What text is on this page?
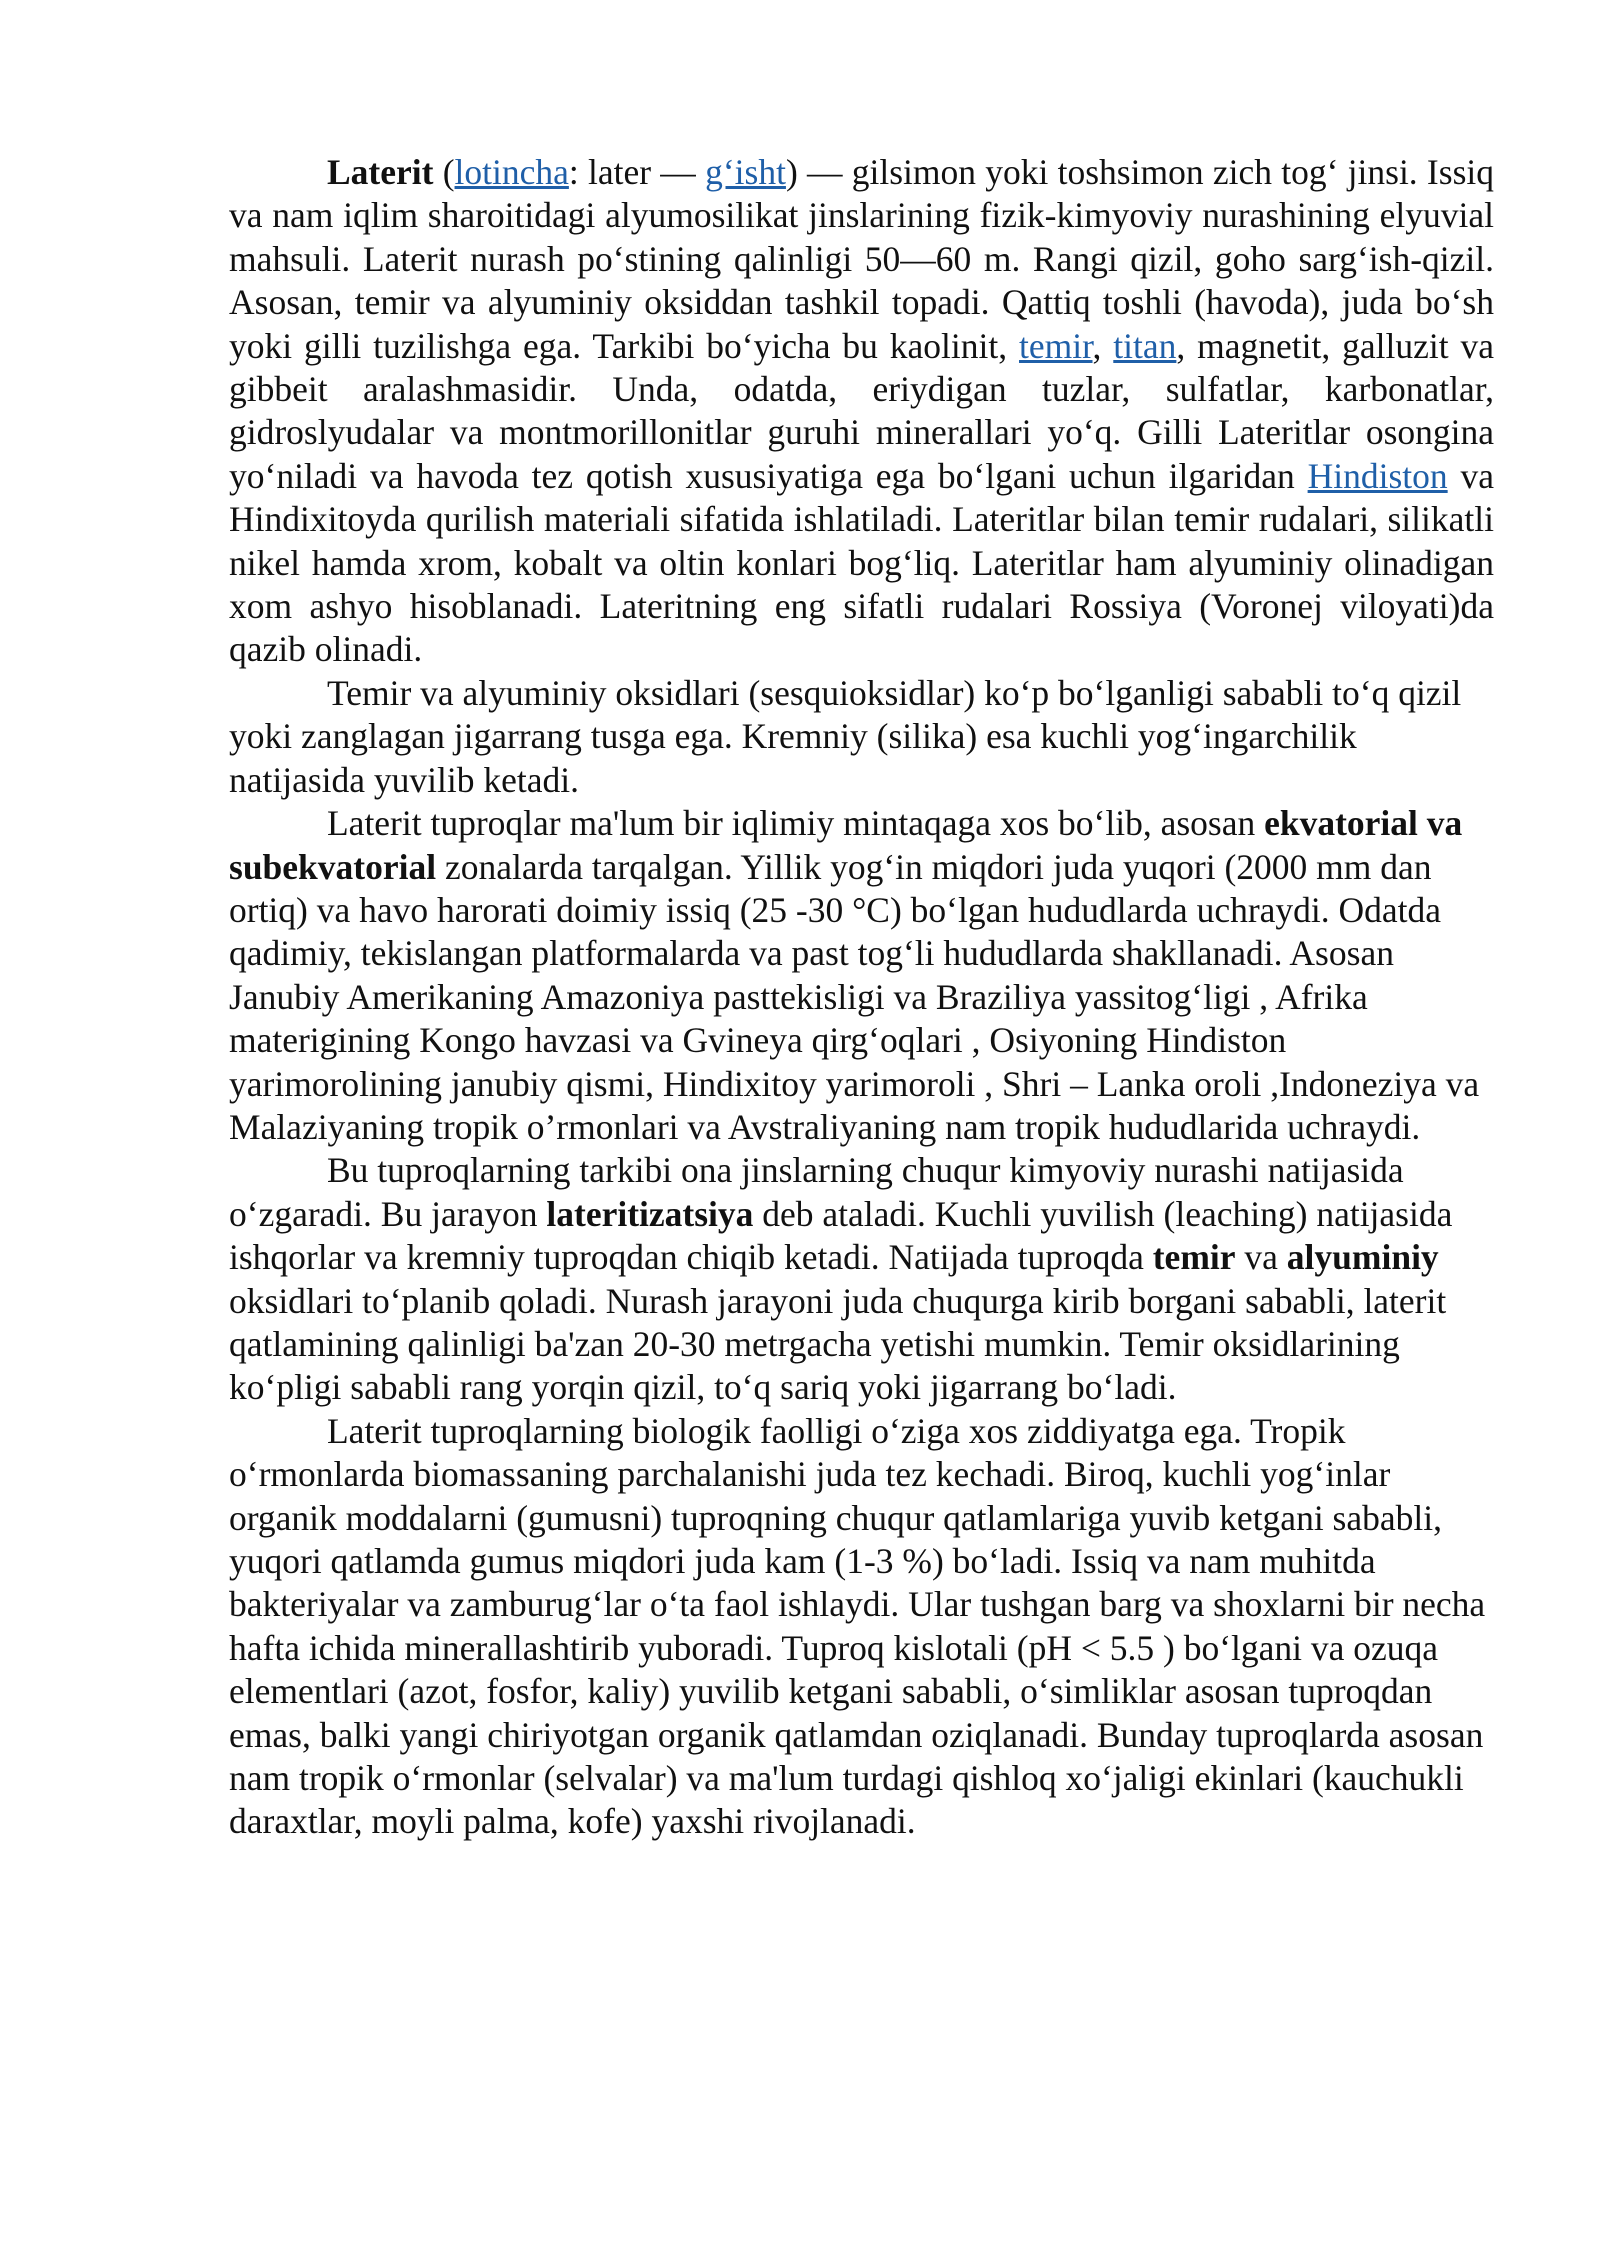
Laterit (lotincha: later — g‘isht) — gilsimon yoki toshsimon zich tog‘ jinsi. Issiq va nam iqlim sharoitidagi alyumosilikat jinslarining fizik-kimyoviy nurashining elyuvial mahsuli. Laterit nurash po‘stining qalinligi 50—60 m. Rangi qizil, goho sarg‘ish-qizil. Asosan, temir va alyuminiy oksiddan tashkil topadi. Qattiq toshli (havoda), juda bo‘sh yoki gilli tuzilishga ega. Tarkibi bo‘yicha bu kaolinit, temir, titan, magnetit, galluzit va gibbeit aralashmasidir. Unda, odatda, eriydigan tuzlar, sulfatlar, karbonatlar, gidroslyudalar va montmorillonitlar guruhi minerallari yo‘q. Gilli Lateritlar osongina yo‘niladi va havoda tez qotish xususiyatiga ega bo‘lgani uchun ilgaridan Hindiston va Hindixitoyda qurilish materiali sifatida ishlatiladi. Lateritlar bilan temir rudalari, silikatli nikel hamda xrom, kobalt va oltin konlari bog‘liq. Lateritlar ham alyuminiy olinadigan xom ashyo hisoblanadi. Lateritning eng sifatli rudalari Rossiya (Voronej viloyati)da qazib olinadi.

Temir va alyuminiy oksidlari (sesquioksidlar) ko‘p bo‘lganligi sababli to‘q qizil yoki zanglagan jigarrang tusga ega. Kremniy (silika) esa kuchli yog‘ingarchilik natijasida yuvilib ketadi.

Laterit tuproqlar ma'lum bir iqlimiy mintaqaga xos bo‘lib, asosan ekvatorial va subekvatorial zonalarda tarqalgan. Yillik yog‘in miqdori juda yuqori (2000 mm dan ortiq) va havo harorati doimiy issiq (25 -30 °C) bo‘lgan hududlarda uchraydi. Odatda qadimiy, tekislangan platformalarda va past tog‘li hududlarda shakllanadi. Asosan Janubiy Amerikaning Amazoniya pasttekisligi va Braziliya yassitog‘ligi , Afrika materigining Kongo havzasi va Gvineya qirg‘oqlari , Osiyoning Hindiston yarimorolining janubiy qismi, Hindixitoy yarimoroli , Shri – Lanka oroli ,Indoneziya va Malaziyaning tropik o’rmonlari va Avstraliyaning nam tropik hududlarida uchraydi.

Bu tuproqlarning tarkibi ona jinslarning chuqur kimyoviy nurashi natijasida o‘zgaradi. Bu jarayon lateritizatsiya deb ataladi. Kuchli yuvilish (leaching) natijasida ishqorlar va kremniy tuproqdan chiqib ketadi. Natijada tuproqda temir va alyuminiy oksidlari to‘planib qoladi. Nurash jarayoni juda chuqurga kirib borgani sababli, laterit qatlamining qalinligi ba'zan 20-30 metrgacha yetishi mumkin. Temir oksidlarining ko‘pligi sababli rang yorqin qizil, to‘q sariq yoki jigarrang bo‘ladi.

Laterit tuproqlarning biologik faolligi o‘ziga xos ziddiyatga ega. Tropik o‘rmonlarda biomassaning parchalanishi juda tez kechadi. Biroq, kuchli yog‘inlar organik moddalarni (gumusni) tuproqning chuqur qatlamlariga yuvib ketgani sababli, yuqori qatlamda gumus miqdori juda kam (1-3 %) bo‘ladi. Issiq va nam muhitda bakteriyalar va zamburug‘lar o‘ta faol ishlaydi. Ular tushgan barg va shoxlarni bir necha hafta ichida minerallashtirib yuboradi. Tuproq kislotali (pH < 5.5 ) bo‘lgani va ozuqa elementlari (azot, fosfor, kaliy) yuvilib ketgani sababli, o‘simliklar asosan tuproqdan emas, balki yangi chiriyotgan organik qatlamdan oziqlanadi. Bunday tuproqlarda asosan nam tropik o‘rmonlar (selvalar) va ma'lum turdagi qishloq xo‘jaligi ekinlari (kauchukli daraxtlar, moyli palma, kofe) yaxshi rivojlanadi.
